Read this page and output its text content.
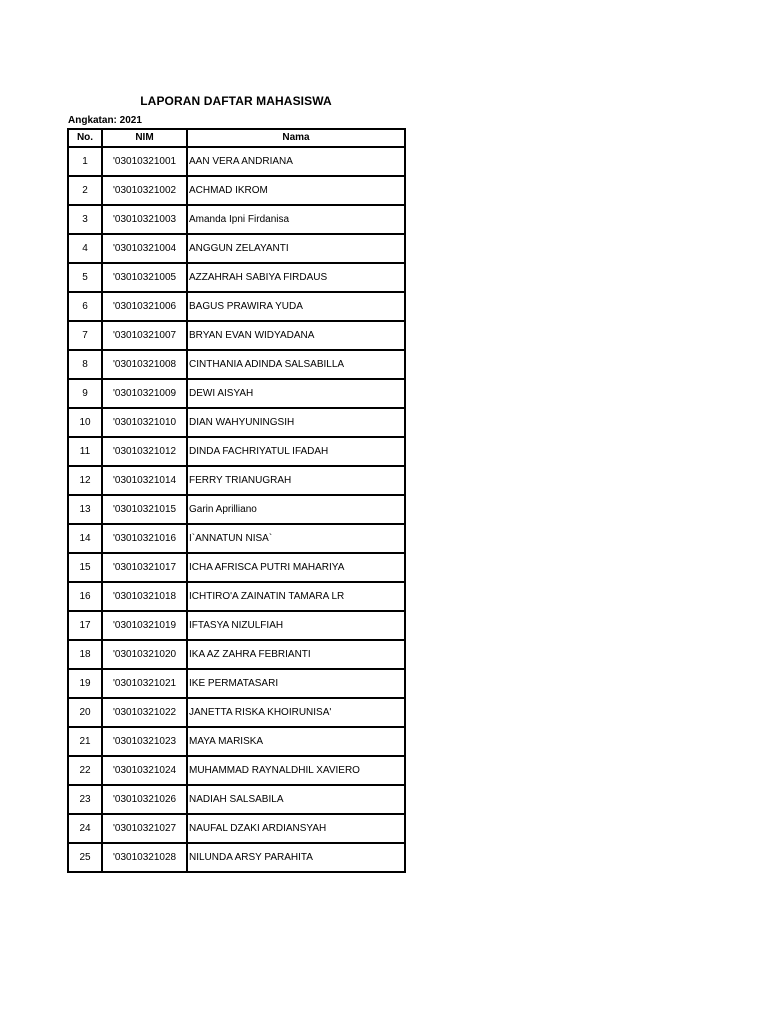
LAPORAN DAFTAR MAHASISWA
Angkatan: 2021
No.	NIM	Nama
1	'03010321001	AAN VERA ANDRIANA
2	'03010321002	ACHMAD IKROM
3	'03010321003	Amanda Ipni Firdanisa
4	'03010321004	ANGGUN ZELAYANTI
5	'03010321005	AZZAHRAH SABIYA FIRDAUS
6	'03010321006	BAGUS PRAWIRA YUDA
7	'03010321007	BRYAN EVAN WIDYADANA
8	'03010321008	CINTHANIA ADINDA SALSABILLA
9	'03010321009	DEWI AISYAH
10	'03010321010	DIAN WAHYUNINGSIH
11	'03010321012	DINDA FACHRIYATUL IFADAH
12	'03010321014	FERRY TRIANUGRAH
13	'03010321015	Garin Aprilliano
14	'03010321016	I`ANNATUN NISA`
15	'03010321017	ICHA AFRISCA PUTRI MAHARIYA
16	'03010321018	ICHTIRO'A ZAINATIN TAMARA LR
17	'03010321019	IFTASYA NIZULFIAH
18	'03010321020	IKA AZ ZAHRA FEBRIANTI
19	'03010321021	IKE PERMATASARI
20	'03010321022	JANETTA RISKA KHOIRUNISA'
21	'03010321023	MAYA MARISKA
22	'03010321024	MUHAMMAD RAYNALDHIL XAVIERO
23	'03010321026	NADIAH SALSABILA
24	'03010321027	NAUFAL DZAKI ARDIANSYAH
25	'03010321028	NILUNDA ARSY PARAHITA
